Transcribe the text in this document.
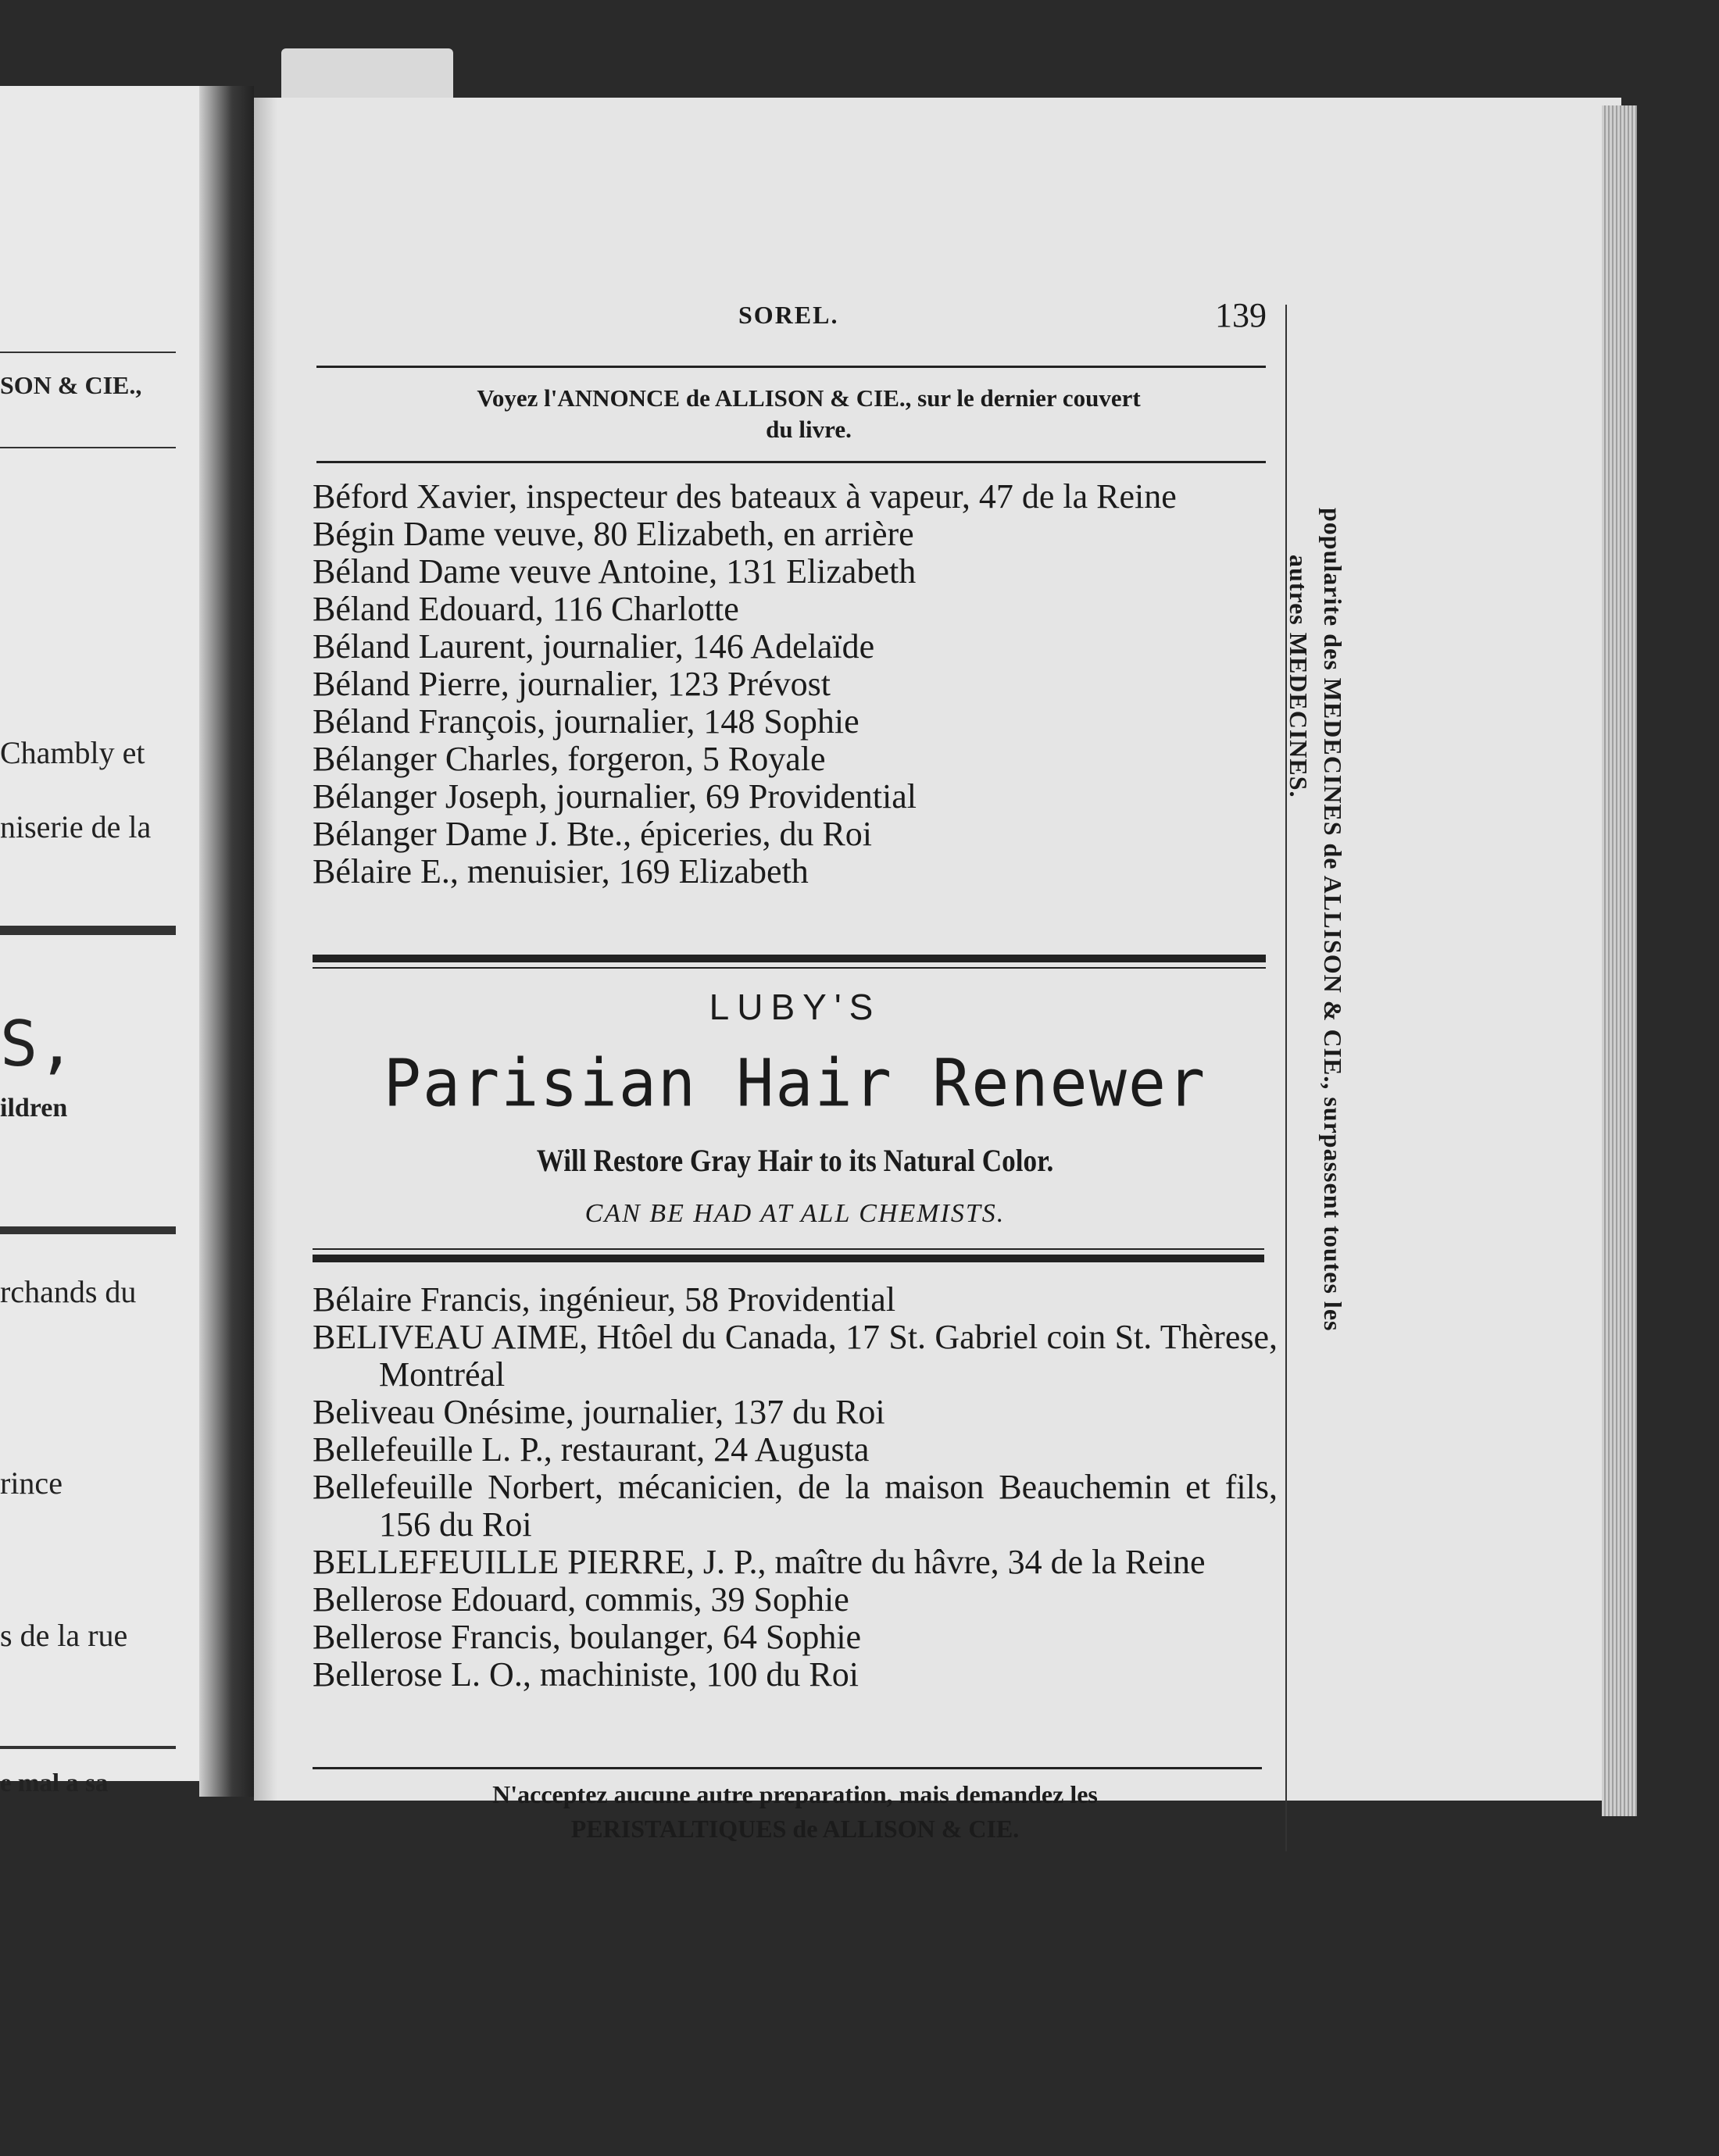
SON & CIE.,
Chambly et
niserie de la
S,
ildren
rchands du
rince
s de la rue
e mal a sa
SOREL.	139
Voyez l'ANNONCE de ALLISON & CIE., sur le dernier couvert
du livre.
Béford Xavier, inspecteur des bateaux à vapeur, 47 de la Reine
Bégin Dame veuve, 80 Elizabeth, en arrière
Béland Dame veuve Antoine, 131 Elizabeth
Béland Edouard, 116 Charlotte
Béland Laurent, journalier, 146 Adelaïde
Béland Pierre, journalier, 123 Prévost
Béland François, journalier, 148 Sophie
Bélanger Charles, forgeron, 5 Royale
Bélanger Joseph, journalier, 69 Providential
Bélanger Dame J. Bte., épiceries, du Roi
Bélaire E., menuisier, 169 Elizabeth
LUBY'S
Parisian Hair Renewer
Will Restore Gray Hair to its Natural Color.
CAN BE HAD AT ALL CHEMISTS.
Bélaire Francis, ingénieur, 58 Providential
BELIVEAU AIME, Htôel du Canada, 17 St. Gabriel coin St. Thèrese, Montréal
Beliveau Onésime, journalier, 137 du Roi
Bellefeuille L. P., restaurant, 24 Augusta
Bellefeuille Norbert, mécanicien, de la maison Beauchemin et fils, 156 du Roi
BELLEFEUILLE PIERRE, J. P., maître du hâvre, 34 de la Reine
Bellerose Edouard, commis, 39 Sophie
Bellerose Francis, boulanger, 64 Sophie
Bellerose L. O., machiniste, 100 du Roi
N'acceptez aucune autre preparation, mais demandez les
PERISTALTIQUES de ALLISON & CIE.
popularite des MEDECINES de ALLISON & CIE., surpassent toutes les
autres MEDECINES.
